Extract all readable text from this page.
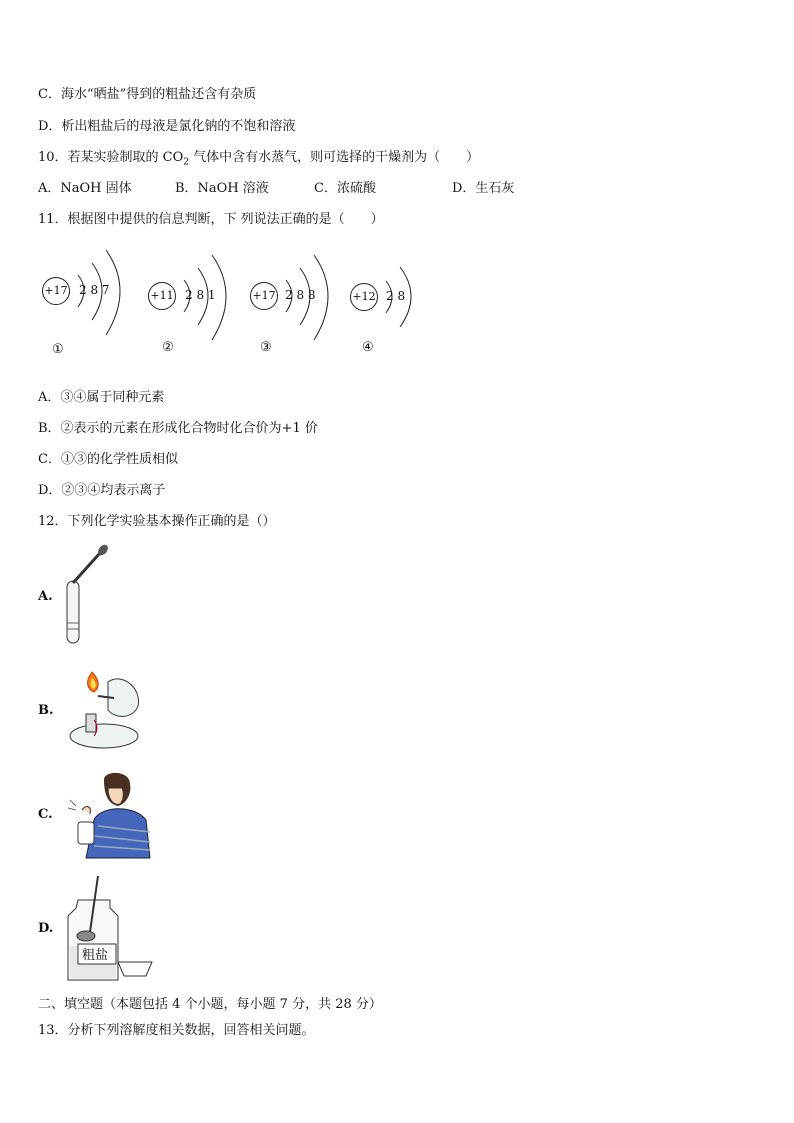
C．海水“晒盐”得到的粗盐还含有杂质
D．析出粗盐后的母液是氯化钠的不饱和溶液
10．若某实验制取的 $CO_2$ 气体中含有水蒸气，则可选择的干燥剂为（　　）
A．NaOH 固体	B．NaOH 溶液	C．浓硫酸	D．生石灰
11．根据图中提供的信息判断，下 列说法正确的是（　　）
+17 2 8 7
①
+11 2 8 1
②
+17 2 8 8
③
+12 2 8
④
A．③④属于同种元素
B．②表示的元素在形成化合物时化合价为+1 价
C．①③的化学性质相似
D．②③④均表示离子
12．下列化学实验基本操作正确的是（）
A.
B.
C.
D.
粗盐
二、填空题（本题包括 4 个小题，每小题 7 分，共 28 分）
13．分析下列溶解度相关数据，回答相关问题。
